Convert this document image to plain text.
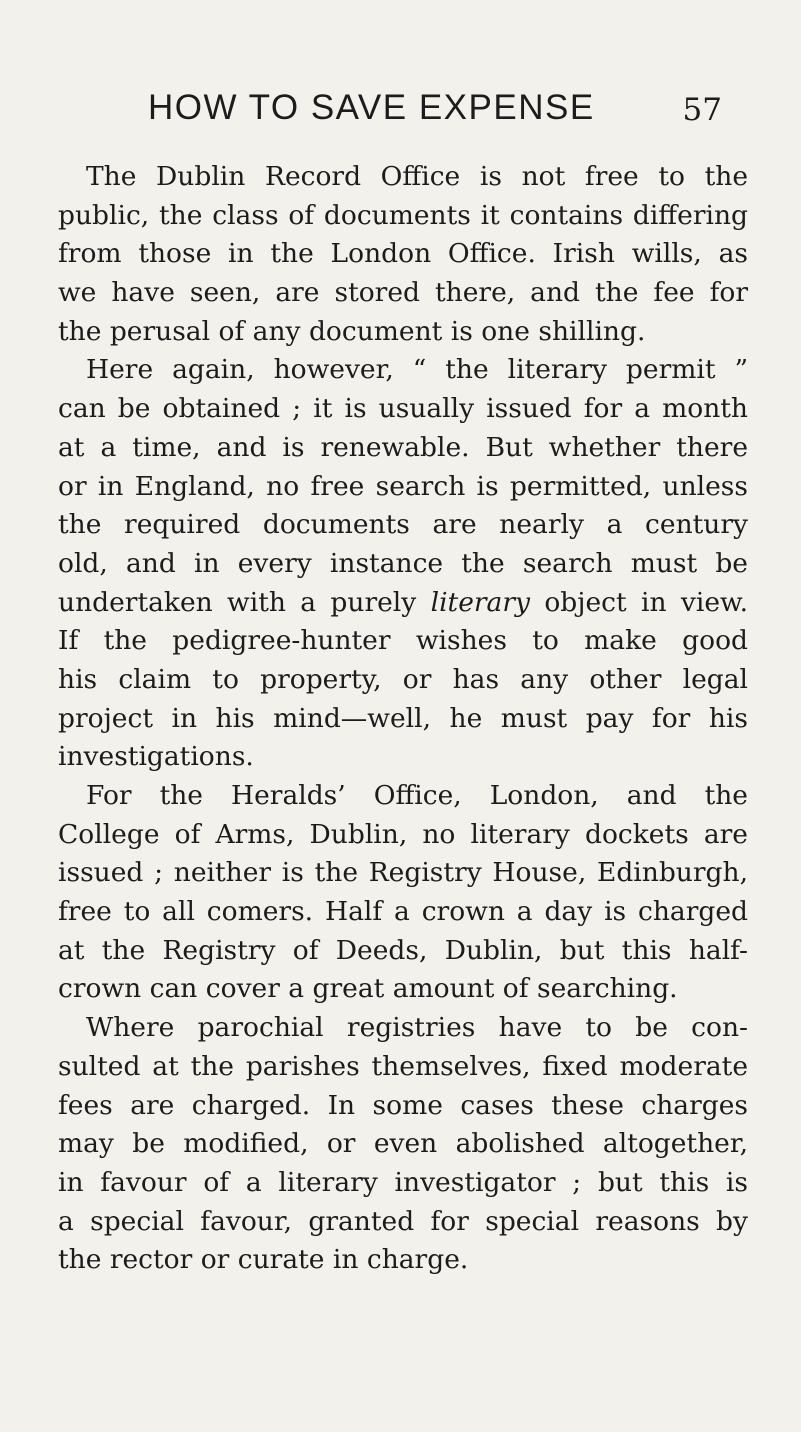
HOW TO SAVE EXPENSE	57
The Dublin Record Office is not free to the
public, the class of documents it contains differing
from those in the London Office. Irish wills, as
we have seen, are stored there, and the fee for
the perusal of any document is one shilling.
Here again, however, “ the literary permit ”
can be obtained ; it is usually issued for a month
at a time, and is renewable. But whether there
or in England, no free search is permitted, unless
the required documents are nearly a century
old, and in every instance the search must be
undertaken with a purely literary object in view.
If the pedigree-hunter wishes to make good
his claim to property, or has any other legal
project in his mind—well, he must pay for his
investigations.
For the Heralds’ Office, London, and the
College of Arms, Dublin, no literary dockets are
issued ; neither is the Registry House, Edinburgh,
free to all comers. Half a crown a day is charged
at the Registry of Deeds, Dublin, but this half-
crown can cover a great amount of searching.
Where parochial registries have to be con-
sulted at the parishes themselves, fixed moderate
fees are charged. In some cases these charges
may be modified, or even abolished altogether,
in favour of a literary investigator ; but this is
a special favour, granted for special reasons by
the rector or curate in charge.
